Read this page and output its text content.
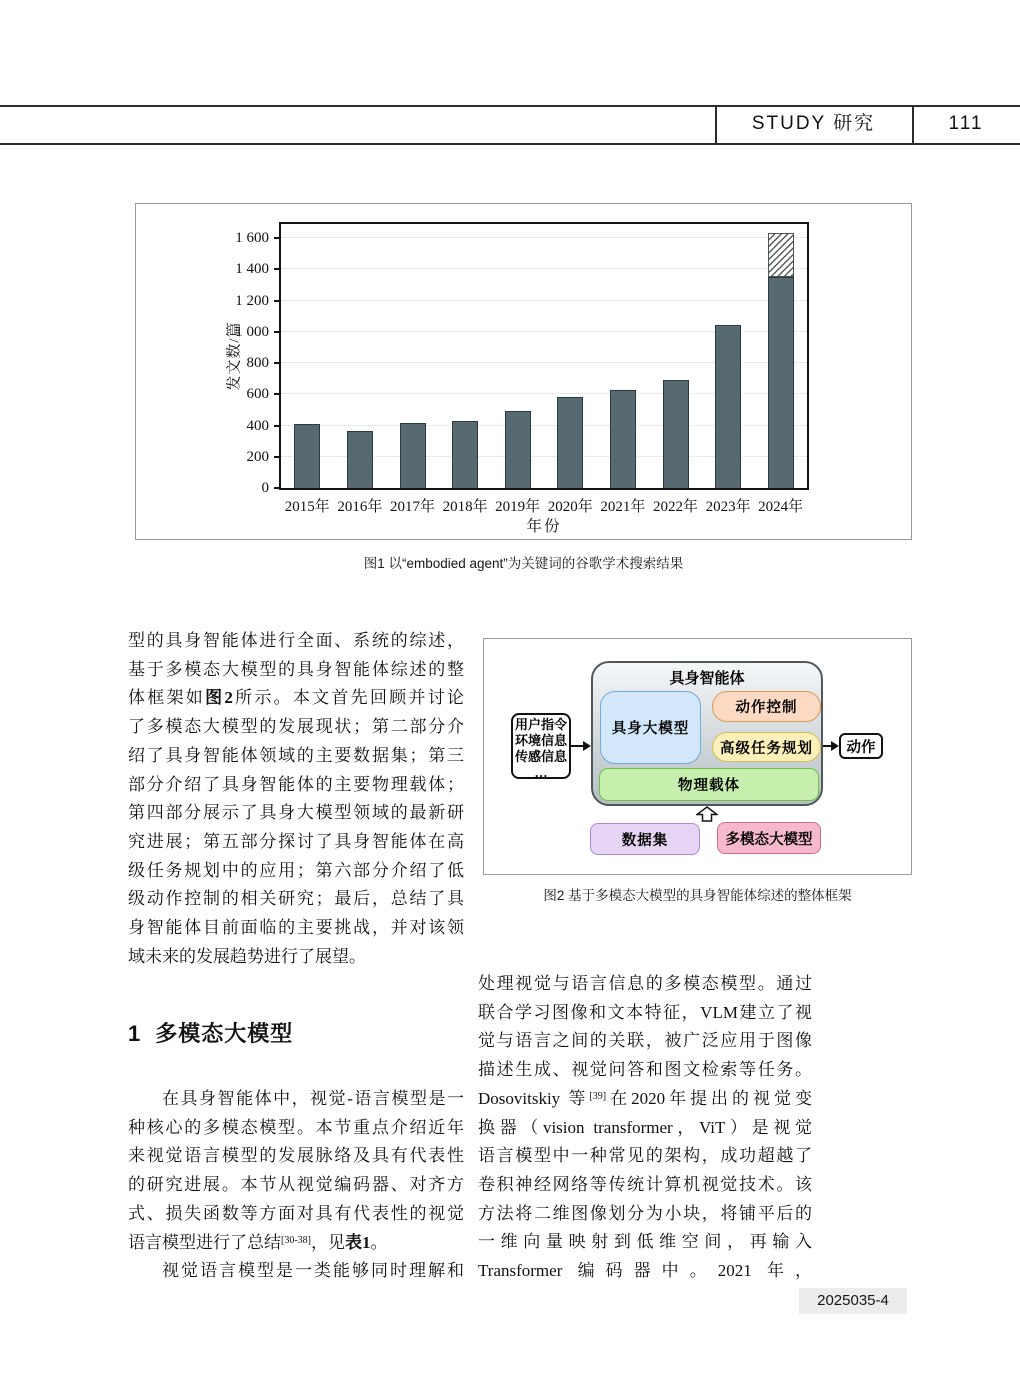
STUDY 研究	111
发文数/篇
0
200
400
600
800
1 000
1 200
1 400
1 600
2015年 2016年 2017年 2018年 2019年 2020年 2021年 2022年 2023年 2024年
年份
图1 以“embodied agent”为关键词的谷歌学术搜索结果
型的具身智能体进行全面、系统的综述，
基于多模态大模型的具身智能体综述的整
体框架如图2所示。本文首先回顾并讨论
了多模态大模型的发展现状；第二部分介
绍了具身智能体领域的主要数据集；第三
部分介绍了具身智能体的主要物理载体；
第四部分展示了具身大模型领域的最新研
究进展；第五部分探讨了具身智能体在高
级任务规划中的应用；第六部分介绍了低
级动作控制的相关研究；最后，总结了具
身智能体目前面临的主要挑战，并对该领
域未来的发展趋势进行了展望。
1 多模态大模型
在具身智能体中，视觉-语言模型是一
种核心的多模态模型。本节重点介绍近年
来视觉语言模型的发展脉络及具有代表性
的研究进展。本节从视觉编码器、对齐方
式、损失函数等方面对具有代表性的视觉
语言模型进行了总结[30-38]，见表1。
视觉语言模型是一类能够同时理解和
用户指令
环境信息
传感信息
…
具身智能体
具身大模型
动作控制
高级任务规划
物理载体
动作
数据集	多模态大模型
图2 基于多模态大模型的具身智能体综述的整体框架
处理视觉与语言信息的多模态模型。通过
联合学习图像和文本特征，VLM建立了视
觉与语言之间的关联，被广泛应用于图像
描述生成、视觉问答和图文检索等任务。
Dosovitskiy 等[39]在2020年提出的视觉变
换器（vision transformer，ViT）是视觉
语言模型中一种常见的架构，成功超越了
卷积神经网络等传统计算机视觉技术。该
方法将二维图像划分为小块，将铺平后的
一维向量映射到低维空间，再输入
Transformer 编码器中。2021 年，
2025035-4
